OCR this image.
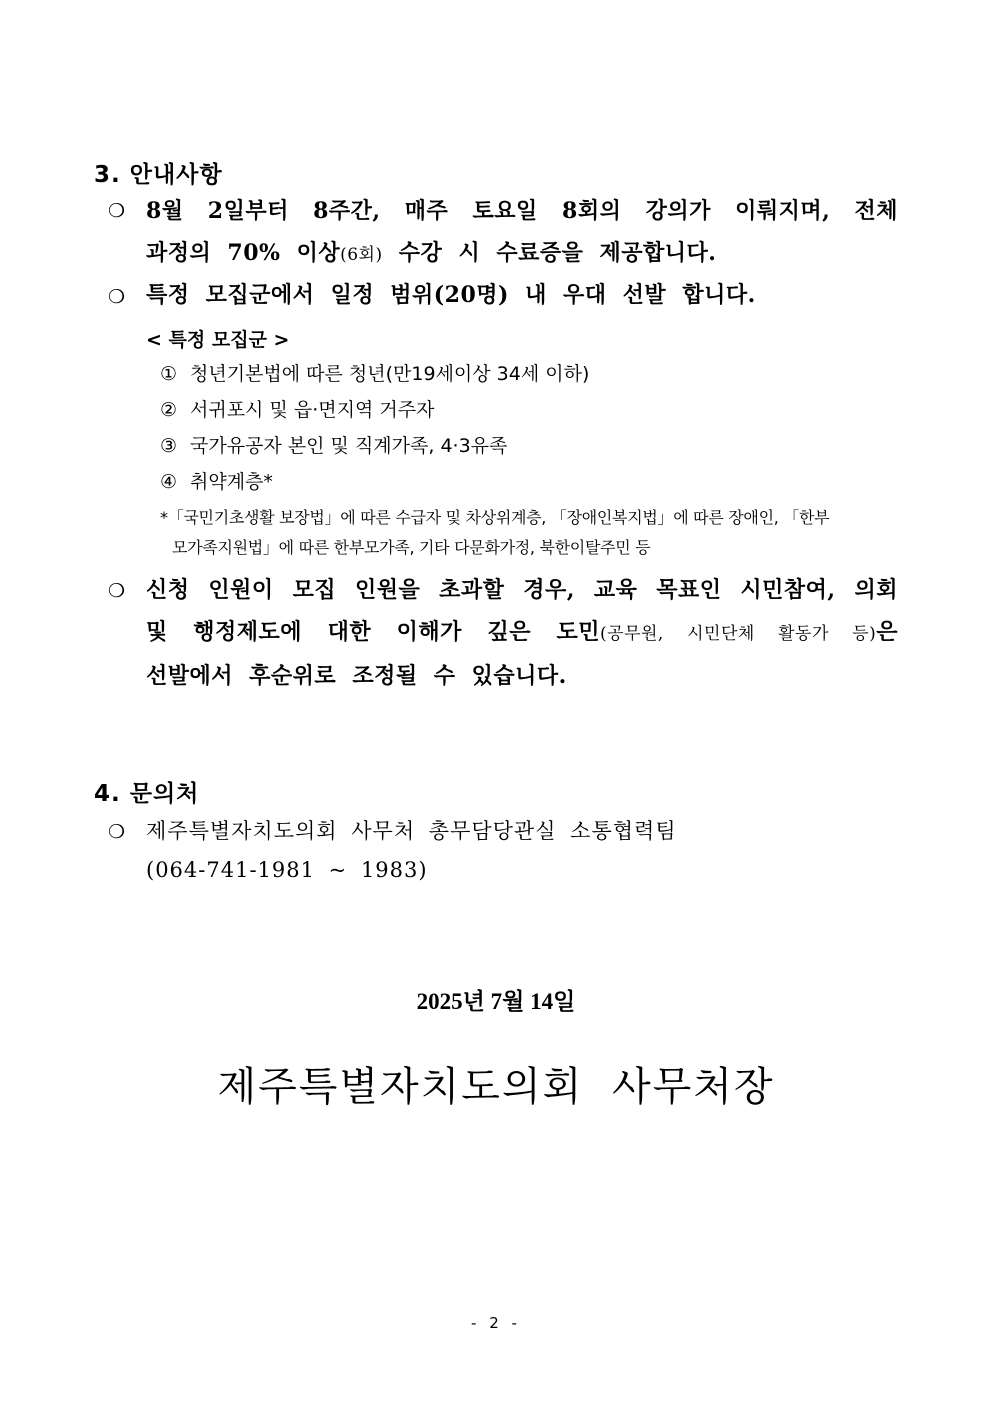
3. 안내사항
❍ 8월 2일부터 8주간, 매주 토요일 8회의 강의가 이뤄지며, 전체
과정의 70% 이상(6회) 수강 시 수료증을 제공합니다.
❍ 특정 모집군에서 일정 범위(20명) 내 우대 선발 합니다.
< 특정 모집군 >
① 청년기본법에 따른 청년(만19세이상 34세 이하)
② 서귀포시 및 읍·면지역 거주자
③ 국가유공자 본인 및 직계가족, 4·3유족
④ 취약계층*
*「국민기초생활 보장법」에 따른 수급자 및 차상위계층, 「장애인복지법」에 따른 장애인, 「한부
모가족지원법」에 따른 한부모가족, 기타 다문화가정, 북한이탈주민 등
❍ 신청 인원이 모집 인원을 초과할 경우, 교육 목표인 시민참여, 의회
및 행정제도에 대한 이해가 깊은 도민(공무원, 시민단체 활동가 등)은
선발에서 후순위로 조정될 수 있습니다.
4. 문의처
❍ 제주특별자치도의회 사무처 총무담당관실 소통협력팀
(064-741-1981 ~ 1983)
2025년 7월 14일
제주특별자치도의회 사무처장
- 2 -
